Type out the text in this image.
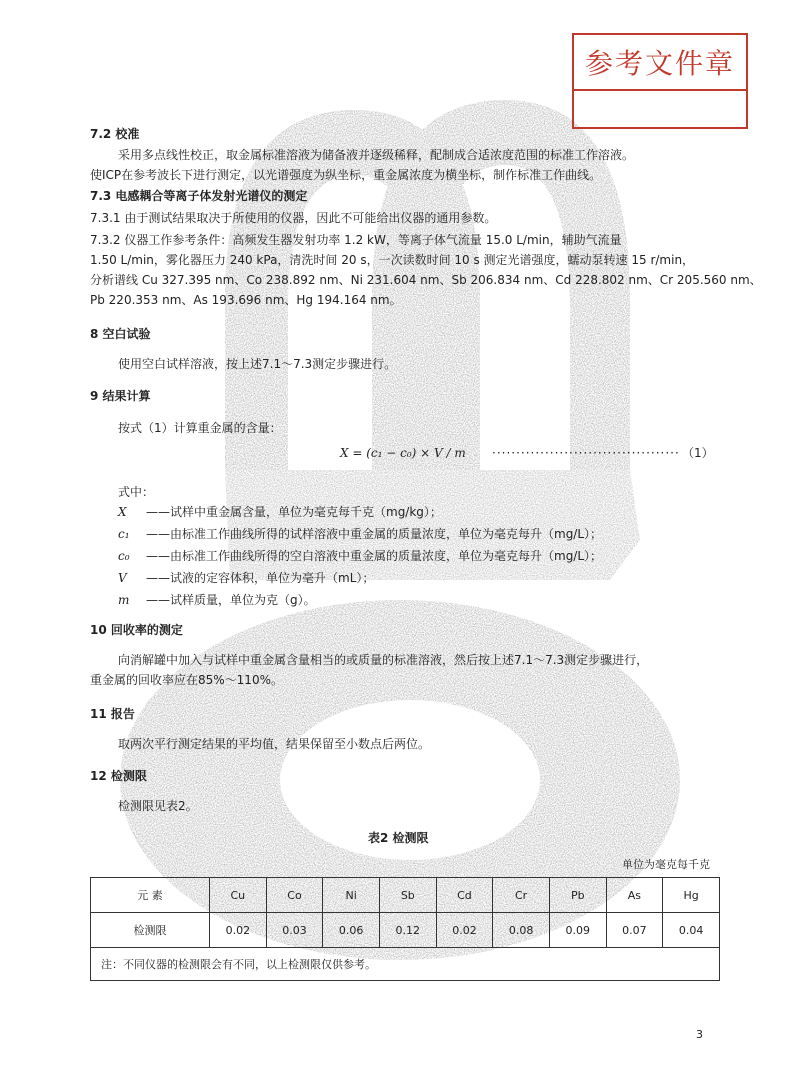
参考文件章
7.2 校准
采用多点线性校正，取金属标准溶液为储备液并逐级稀释，配制成合适浓度范围的标准工作溶液。
使ICP在参考波长下进行测定，以光谱强度为纵坐标，重金属浓度为横坐标，制作标准工作曲线。
7.3 电感耦合等离子体发射光谱仪的测定
7.3.1 由于测试结果取决于所使用的仪器，因此不可能给出仪器的通用参数。
7.3.2 仪器工作参考条件：高频发生器发射功率 1.2 kW，等离子体气流量 15.0 L/min，辅助气流量
1.50 L/min，雾化器压力 240 kPa，清洗时间 20 s，一次读数时间 10 s 测定光谱强度，蠕动泵转速 15 r/min，
分析谱线 Cu 327.395 nm、Co 238.892 nm、Ni 231.604 nm、Sb 206.834 nm、Cd 228.802 nm、Cr 205.560 nm、
Pb 220.353 nm、As 193.696 nm、Hg 194.164 nm。
8 空白试验
使用空白试样溶液，按上述7.1～7.3测定步骤进行。
9 结果计算
按式（1）计算重金属的含量：
X = (c₁ − c₀) × V / m ······································· （1）
式中：
X ——试样中重金属含量，单位为毫克每千克（mg/kg）；
c₁ ——由标准工作曲线所得的试样溶液中重金属的质量浓度，单位为毫克每升（mg/L）；
c₀ ——由标准工作曲线所得的空白溶液中重金属的质量浓度，单位为毫克每升（mg/L）；
V ——试液的定容体积，单位为毫升（mL）；
m ——试样质量，单位为克（g）。
10 回收率的测定
向消解罐中加入与试样中重金属含量相当的或质量的标准溶液，然后按上述7.1～7.3测定步骤进行，
重金属的回收率应在85%～110%。
11 报告
取两次平行测定结果的平均值，结果保留至小数点后两位。
12 检测限
检测限见表2。
表2 检测限
单位为毫克每千克
元 素	Cu	Co	Ni	Sb	Cd	Cr	Pb	As	Hg
检测限	0.02	0.03	0.06	0.12	0.02	0.08	0.09	0.07	0.04
注：不同仪器的检测限会有不同，以上检测限仅供参考。									
3
